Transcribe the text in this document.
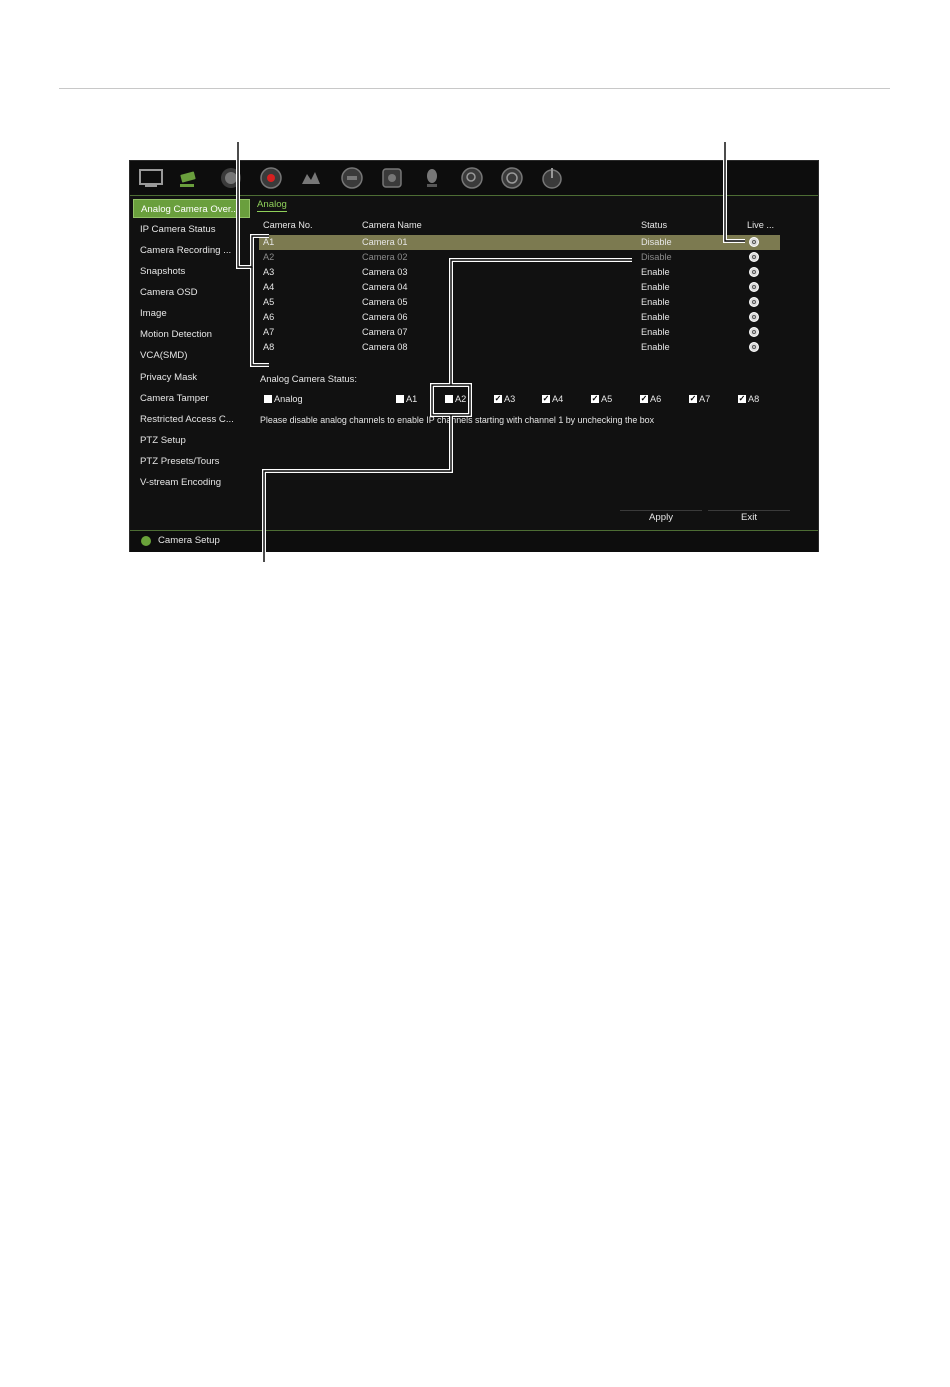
Analog Camera Over...
IP Camera Status
Camera Recording ...
Snapshots
Camera OSD
Image
Motion Detection
VCA(SMD)
Privacy Mask
Camera Tamper
Restricted Access C...
PTZ Setup
PTZ Presets/Tours
V-stream Encoding
Analog
Camera No.	Camera Name	Status	Live ...
A1	Camera 01	Disable
A2	Camera 02	Disable
A3	Camera 03	Enable
A4	Camera 04	Enable
A5	Camera 05	Enable
A6	Camera 06	Enable
A7	Camera 07	Enable
A8	Camera 08	Enable
Analog Camera Status:
Analog	A1	A2	✓ A3	✓ A4	✓ A5	✓ A6	✓ A7	✓ A8
Please disable analog channels to enable IP channels starting with channel 1 by unchecking the box
Apply	Exit
Camera Setup
